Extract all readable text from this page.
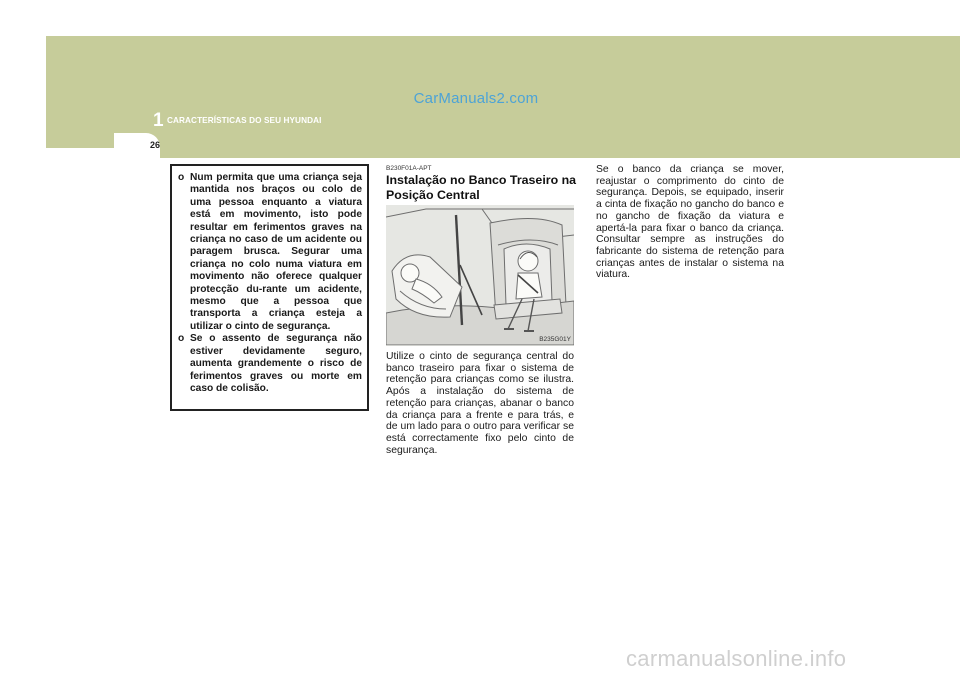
CarManuals2.com
1 CARACTERÍSTICAS DO SEU HYUNDAI
26
o Num permita que uma criança seja mantida nos braços ou colo de uma pessoa enquanto a viatura está em movimento, isto pode resultar em ferimentos graves na criança no caso de um acidente ou paragem brusca. Segurar uma criança no colo numa viatura em movimento não oferece qualquer protecção du-rante um acidente, mesmo que a pessoa que transporta a criança esteja a utilizar o cinto de segurança.
o Se o assento de segurança não estiver devidamente seguro, aumenta grandemente o risco de ferimentos graves ou morte em caso de colisão.
B230F01A-APT
Instalação no Banco Traseiro na Posição Central
B235G01Y
Utilize o cinto de segurança central do banco traseiro para fixar o sistema de retenção para crianças como se ilustra. Após a instalação do sistema de retenção para crianças, abanar o banco da criança para a frente e para trás, e de um lado para o outro para verificar se está correctamente fixo pelo cinto de segurança.
Se o banco da criança se mover, reajustar o comprimento do cinto de segurança. Depois, se equipado, inserir a cinta de fixação no gancho do banco e no gancho de fixação da viatura e apertá-la para fixar o banco da criança. Consultar sempre as instruções do fabricante do sistema de retenção para crianças antes de instalar o sistema na viatura.
carmanualsonline.info
